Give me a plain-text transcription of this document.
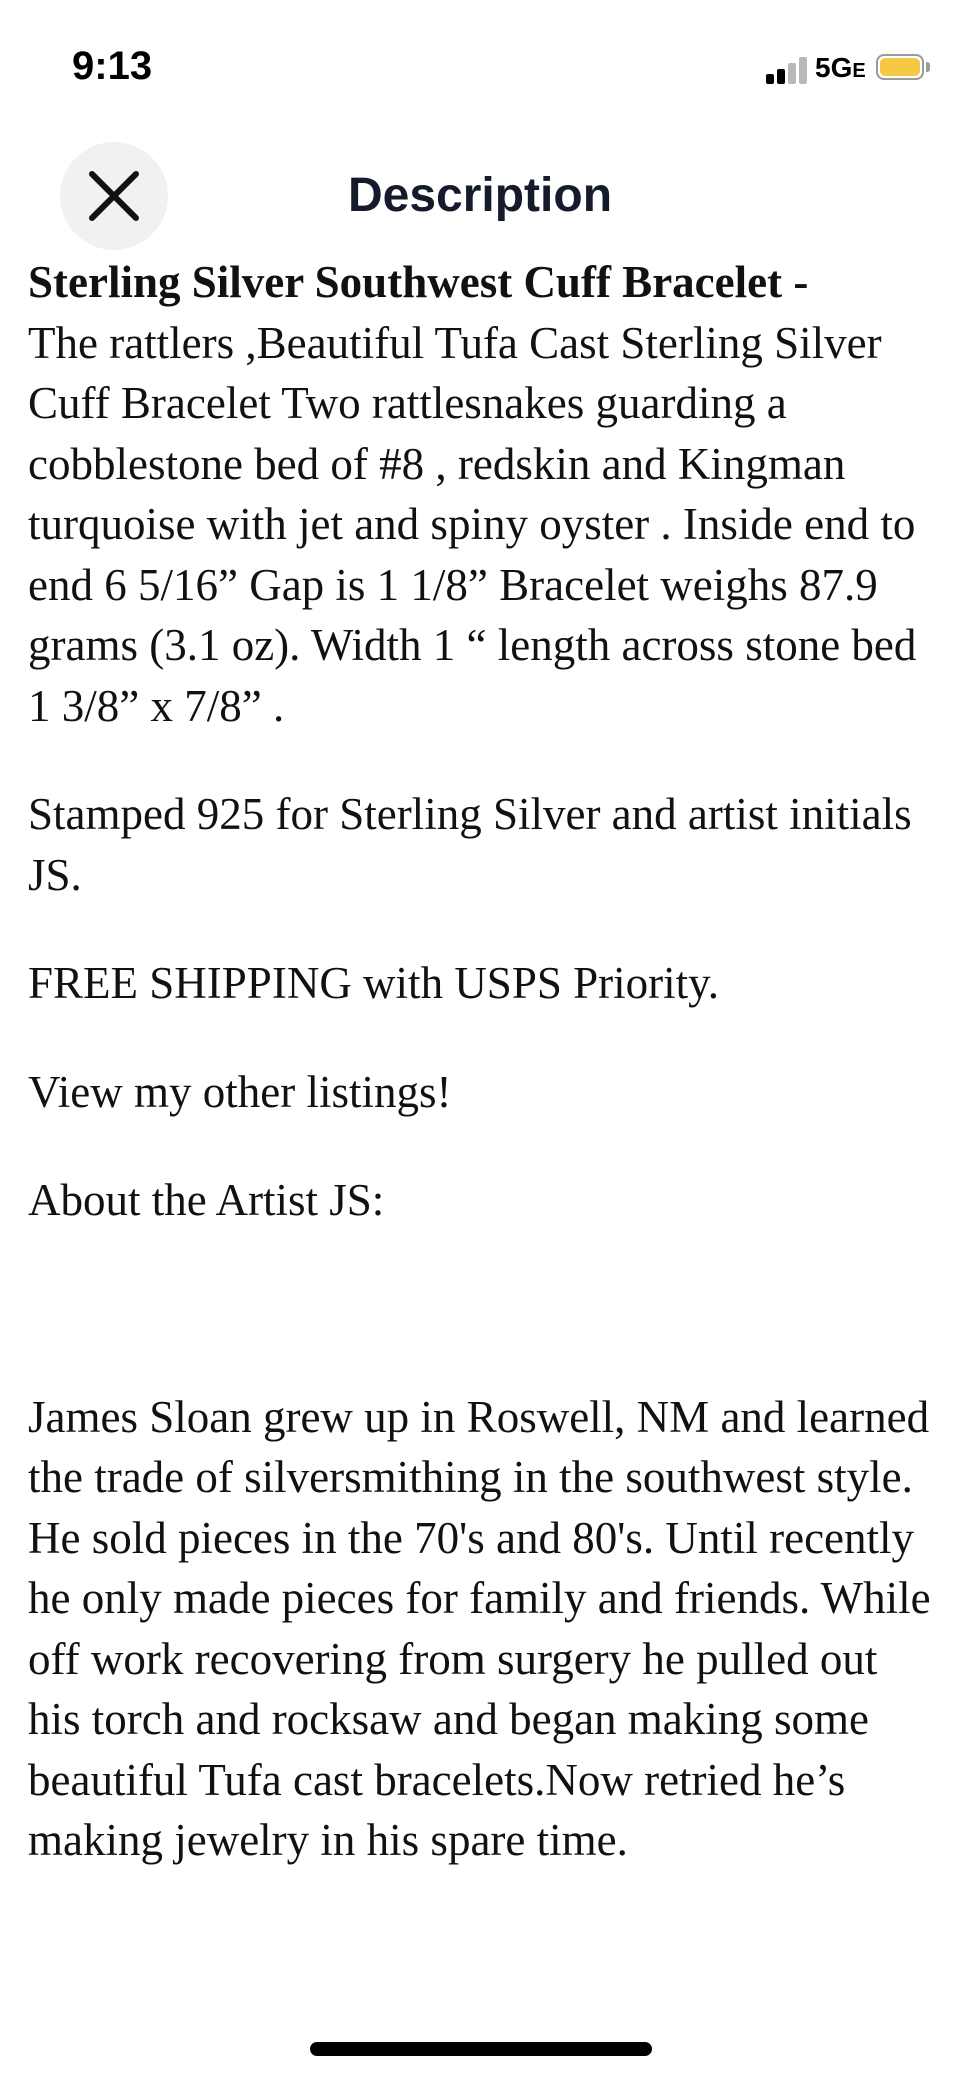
9:13	5GE
Description

Sterling Silver Southwest Cuff Bracelet -
The rattlers ,Beautiful Tufa Cast Sterling Silver Cuff Bracelet Two rattlesnakes guarding a cobblestone bed of #8 , redskin and Kingman turquoise with jet and spiny oyster . Inside end to end 6 5/16” Gap is 1 1/8” Bracelet weighs 87.9 grams (3.1 oz). Width 1 “ length across stone bed 1 3/8” x 7/8” .

Stamped 925 for Sterling Silver and artist initials JS.

FREE SHIPPING with USPS Priority.

View my other listings!

About the Artist JS:

James Sloan grew up in Roswell, NM and learned the trade of silversmithing in the southwest style. He sold pieces in the 70's and 80's. Until recently he only made pieces for family and friends. While off work recovering from surgery he pulled out his torch and rocksaw and began making some beautiful Tufa cast bracelets.Now retried he’s making jewelry in his spare time.
